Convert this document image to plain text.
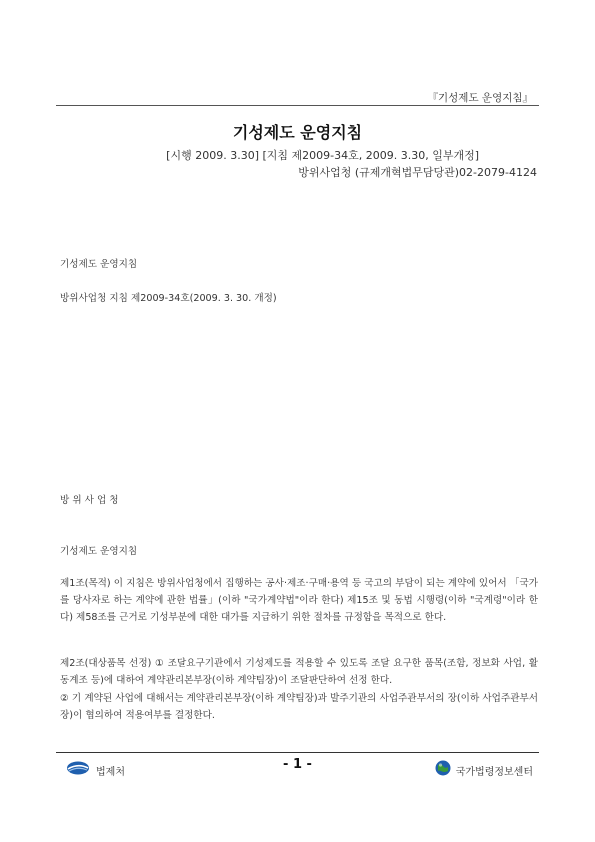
『기성제도 운영지침』
기성제도 운영지침
[시행 2009. 3.30] [지침 제2009-34호, 2009. 3.30, 일부개정]
방위사업청 (규제개혁법무담당관)02-2079-4124
기성제도 운영지침
방위사업청 지침 제2009-34호(2009. 3. 30. 개정)
방 위 사 업 청
기성제도 운영지침
제1조(목적) 이 지침은 방위사업청에서 집행하는 공사·제조·구매·용역 등 국고의 부담이 되는 계약에 있어서 「국가를 당사자로 하는 계약에 관한 법률」(이하 "국가계약법"이라 한다) 제15조 및 동법 시행령(이하 "국계령"이라 한다) 제58조를 근거로 기성부분에 대한 대가를 지급하기 위한 절차를 규정함을 목적으로 한다.
제2조(대상품목 선정) ① 조달요구기관에서 기성제도를 적용할 수 있도록 조달 요구한 품목(조함, 정보화 사업, 활동계조 등)에 대하여 계약관리본부장(이하 계약팀장)이 조달판단하여 선정 한다.
② 기 계약된 사업에 대해서는 계약관리본부장(이하 계약팀장)과 발주기관의 사업주관부서의 장(이하 사업주관부서장)이 협의하여 적용여부를 결정한다.
법제처	- 1 -	국가법령정보센터
